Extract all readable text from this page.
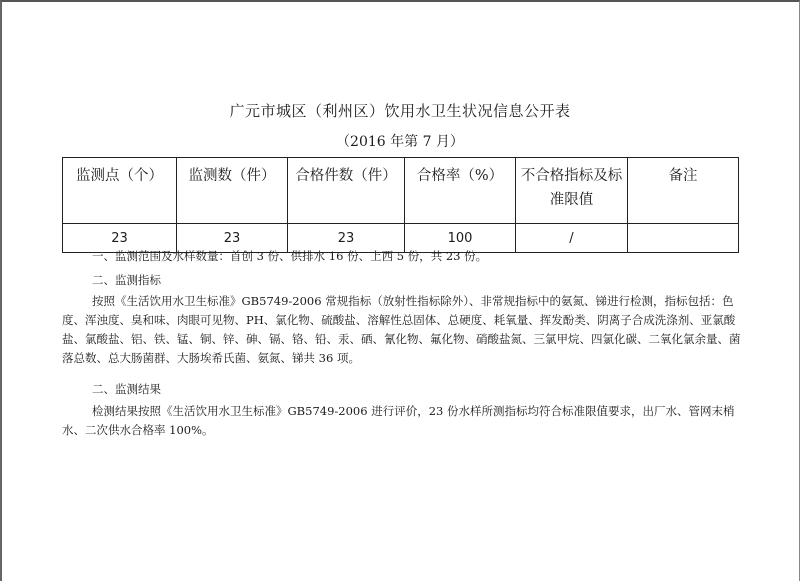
广元市城区（利州区）饮用水卫生状况信息公开表
（2016 年第 7 月）
监测点（个）	监测数（件）	合格件数（件）	合格率（%）	不合格指标及标准限值	备注
23	23	23	100	/	
一、监测范围及水样数量：首创 3 份、供排水 16 份、上西 5 份，共 23 份。
二、监测指标
按照《生活饮用水卫生标准》GB5749-2006 常规指标（放射性指标除外）、非常规指标中的氨氮、锑进行检测，指标包括：色度、浑浊度、臭和味、肉眼可见物、PH、氯化物、硫酸盐、溶解性总固体、总硬度、耗氧量、挥发酚类、阴离子合成洗涤剂、亚氯酸盐、氯酸盐、铝、铁、锰、铜、锌、砷、镉、铬、铅、汞、硒、氰化物、氟化物、硝酸盐氮、三氯甲烷、四氯化碳、二氧化氯余量、菌落总数、总大肠菌群、大肠埃希氏菌、氨氮、锑共 36 项。
二、监测结果
检测结果按照《生活饮用水卫生标准》GB5749-2006 进行评价，23 份水样所测指标均符合标准限值要求，出厂水、管网末梢水、二次供水合格率 100%。
